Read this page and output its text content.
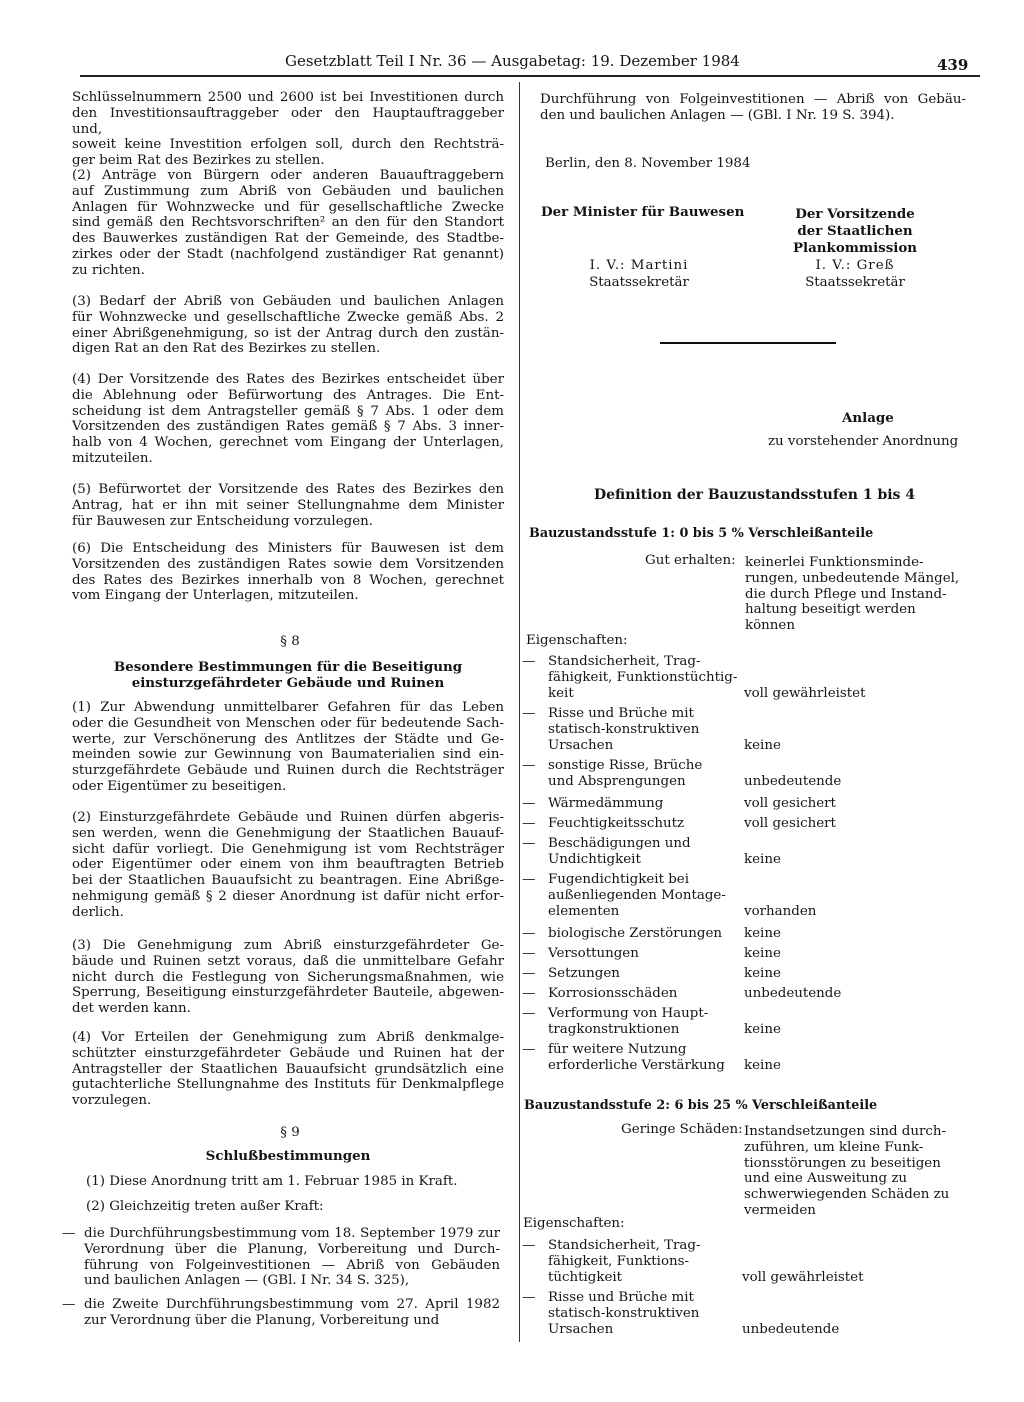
Gesetzblatt Teil I Nr. 36 — Ausgabetag: 19. Dezember 1984	439
Schlüsselnummern 2500 und 2600 ist bei Investitionen durch
den Investitionsauftraggeber oder den Hauptauftraggeber und,
soweit keine Investition erfolgen soll, durch den Rechtsträ-
ger beim Rat des Bezirkes zu stellen.
(2) Anträge von Bürgern oder anderen Bauauftraggebern
auf Zustimmung zum Abriß von Gebäuden und baulichen
Anlagen für Wohnzwecke und für gesellschaftliche Zwecke
sind gemäß den Rechtsvorschriften² an den für den Standort
des Bauwerkes zuständigen Rat der Gemeinde, des Stadtbe-
zirkes oder der Stadt (nachfolgend zuständiger Rat genannt)
zu richten.
(3) Bedarf der Abriß von Gebäuden und baulichen Anlagen
für Wohnzwecke und gesellschaftliche Zwecke gemäß Abs. 2
einer Abrißgenehmigung, so ist der Antrag durch den zustän-
digen Rat an den Rat des Bezirkes zu stellen.
(4) Der Vorsitzende des Rates des Bezirkes entscheidet über
die Ablehnung oder Befürwortung des Antrages. Die Ent-
scheidung ist dem Antragsteller gemäß § 7 Abs. 1 oder dem
Vorsitzenden des zuständigen Rates gemäß § 7 Abs. 3 inner-
halb von 4 Wochen, gerechnet vom Eingang der Unterlagen,
mitzuteilen.
(5) Befürwortet der Vorsitzende des Rates des Bezirkes den
Antrag, hat er ihn mit seiner Stellungnahme dem Minister
für Bauwesen zur Entscheidung vorzulegen.
(6) Die Entscheidung des Ministers für Bauwesen ist dem
Vorsitzenden des zuständigen Rates sowie dem Vorsitzenden
des Rates des Bezirkes innerhalb von 8 Wochen, gerechnet
vom Eingang der Unterlagen, mitzuteilen.
§ 8
Besondere Bestimmungen für die Beseitigung
einsturzgefährdeter Gebäude und Ruinen
(1) Zur Abwendung unmittelbarer Gefahren für das Leben
oder die Gesundheit von Menschen oder für bedeutende Sach-
werte, zur Verschönerung des Antlitzes der Städte und Ge-
meinden sowie zur Gewinnung von Baumaterialien sind ein-
sturzgefährdete Gebäude und Ruinen durch die Rechtsträger
oder Eigentümer zu beseitigen.
(2) Einsturzgefährdete Gebäude und Ruinen dürfen abgeris-
sen werden, wenn die Genehmigung der Staatlichen Bauauf-
sicht dafür vorliegt. Die Genehmigung ist vom Rechtsträger
oder Eigentümer oder einem von ihm beauftragten Betrieb
bei der Staatlichen Bauaufsicht zu beantragen. Eine Abrißge-
nehmigung gemäß § 2 dieser Anordnung ist dafür nicht erfor-
derlich.
(3) Die Genehmigung zum Abriß einsturzgefährdeter Ge-
bäude und Ruinen setzt voraus, daß die unmittelbare Gefahr
nicht durch die Festlegung von Sicherungsmaßnahmen, wie
Sperrung, Beseitigung einsturzgefährdeter Bauteile, abgewen-
det werden kann.
(4) Vor Erteilen der Genehmigung zum Abriß denkmalge-
schützter einsturzgefährdeter Gebäude und Ruinen hat der
Antragsteller der Staatlichen Bauaufsicht grundsätzlich eine
gutachterliche Stellungnahme des Instituts für Denkmalpflege
vorzulegen.
§ 9
Schlußbestimmungen
(1) Diese Anordnung tritt am 1. Februar 1985 in Kraft.
(2) Gleichzeitig treten außer Kraft:
— die Durchführungsbestimmung vom 18. September 1979 zur
Verordnung über die Planung, Vorbereitung und Durch-
führung von Folgeinvestitionen — Abriß von Gebäuden
und baulichen Anlagen — (GBl. I Nr. 34 S. 325),
— die Zweite Durchführungsbestimmung vom 27. April 1982
zur Verordnung über die Planung, Vorbereitung und
Durchführung von Folgeinvestitionen — Abriß von Gebäu-
den und baulichen Anlagen — (GBl. I Nr. 19 S. 394).
Berlin, den 8. November 1984
Der Minister für Bauwesen
I. V.: Martini
Staatssekretär
Der Vorsitzende
der Staatlichen
Plankommission
I. V.: Greß
Staatssekretär
Anlage
zu vorstehender Anordnung
Definition der Bauzustandsstufen 1 bis 4
Bauzustandsstufe 1: 0 bis 5 % Verschleißanteile
Gut erhalten: keinerlei Funktionsminde-
rungen, unbedeutende Mängel,
die durch Pflege und Instand-
haltung beseitigt werden
können
Eigenschaften:
— Standsicherheit, Trag-
fähigkeit, Funktionstüchtig-
keit	voll gewährleistet
— Risse und Brüche mit
statisch-konstruktiven
Ursachen	keine
— sonstige Risse, Brüche
und Absprengungen	unbedeutende
— Wärmedämmung	voll gesichert
— Feuchtigkeitsschutz	voll gesichert
— Beschädigungen und
Undichtigkeit	keine
— Fugendichtigkeit bei
außenliegenden Montage-
elementen	vorhanden
— biologische Zerstörungen keine
— Versottungen	keine
— Setzungen	keine
— Korrosionsschäden	unbedeutende
— Verformung von Haupt-
tragkonstruktionen	keine
— für weitere Nutzung
erforderliche Verstärkung keine
Bauzustandsstufe 2: 6 bis 25 % Verschleißanteile
Geringe Schäden: Instandsetzungen sind durch-
zuführen, um kleine Funk-
tionsstörungen zu beseitigen
und eine Ausweitung zu
schwerwiegenden Schäden zu
vermeiden
Eigenschaften:
— Standsicherheit, Trag-
fähigkeit, Funktions-
tüchtigkeit	voll gewährleistet
— Risse und Brüche mit
statisch-konstruktiven
Ursachen	unbedeutende
